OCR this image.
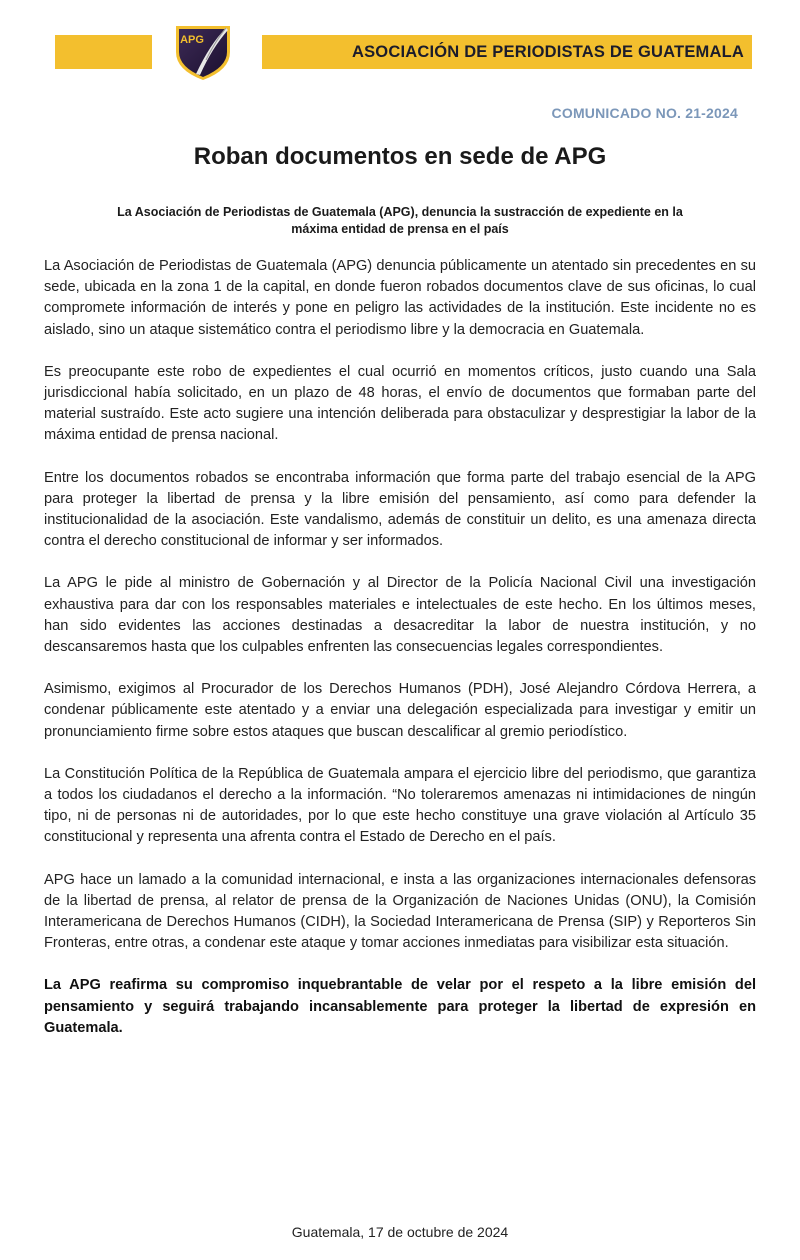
APG
ASOCIACIÓN DE PERIODISTAS DE GUATEMALA
COMUNICADO NO. 21-2024
Roban documentos en sede de APG
La Asociación de Periodistas de Guatemala (APG), denuncia la sustracción de expediente en la máxima entidad de prensa en el país

La Asociación de Periodistas de Guatemala (APG) denuncia públicamente un atentado sin precedentes en su sede, ubicada en la zona 1 de la capital, en donde fueron robados documentos clave de sus oficinas, lo cual compromete información de interés y pone en peligro las actividades de la institución. Este incidente no es aislado, sino un ataque sistemático contra el periodismo libre y la democracia en Guatemala.

Es preocupante este robo de expedientes el cual ocurrió en momentos críticos, justo cuando una Sala jurisdiccional había solicitado, en un plazo de 48 horas, el envío de documentos que formaban parte del material sustraído. Este acto sugiere una intención deliberada para obstaculizar y desprestigiar la labor de la máxima entidad de prensa nacional.

Entre los documentos robados se encontraba información que forma parte del trabajo esencial de la APG para proteger la libertad de prensa y la libre emisión del pensamiento, así como para defender la institucionalidad de la asociación. Este vandalismo, además de constituir un delito, es una amenaza directa contra el derecho constitucional de informar y ser informados.

La APG le pide al ministro de Gobernación y al Director de la Policía Nacional Civil una investigación exhaustiva para dar con los responsables materiales e intelectuales de este hecho. En los últimos meses, han sido evidentes las acciones destinadas a desacreditar la labor de nuestra institución, y no descansaremos hasta que los culpables enfrenten las consecuencias legales correspondientes.

Asimismo, exigimos al Procurador de los Derechos Humanos (PDH), José Alejandro Córdova Herrera, a condenar públicamente este atentado y a enviar una delegación especializada para investigar y emitir un pronunciamiento firme sobre estos ataques que buscan descalificar al gremio periodístico.

La Constitución Política de la República de Guatemala ampara el ejercicio libre del periodismo, que garantiza a todos los ciudadanos el derecho a la información. “No toleraremos amenazas ni intimidaciones de ningún tipo, ni de personas ni de autoridades, por lo que este hecho constituye una grave violación al Artículo 35 constitucional y representa una afrenta contra el Estado de Derecho en el país.

APG hace un lamado a la comunidad internacional, e insta a las organizaciones internacionales defensoras de la libertad de prensa, al relator de prensa de la Organización de Naciones Unidas (ONU), la Comisión Interamericana de Derechos Humanos (CIDH), la Sociedad Interamericana de Prensa (SIP) y Reporteros Sin Fronteras, entre otras, a condenar este ataque y tomar acciones inmediatas para visibilizar esta situación.

La APG reafirma su compromiso inquebrantable de velar por el respeto a la libre emisión del pensamiento y seguirá trabajando incansablemente para proteger la libertad de expresión en Guatemala.

Guatemala, 17 de octubre de 2024
